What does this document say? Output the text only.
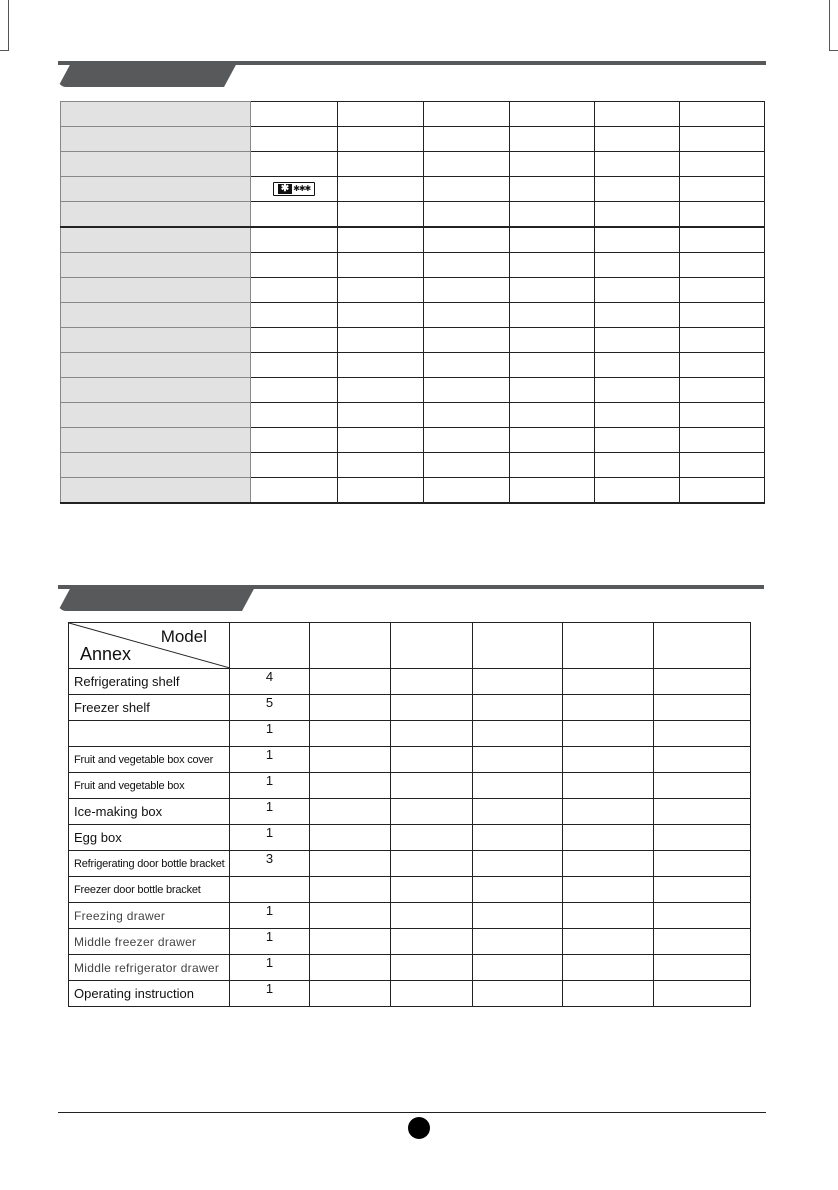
	✱ ✱✱✱					

Model
Annex						

Refrigerating shelf	4					
Freezer shelf	5					
	1					
Fruit and vegetable box cover	1					
Fruit and vegetable box	1					
Ice-making box	1					
Egg box	1					
Refrigerating door bottle bracket	3					
Freezer door bottle bracket						
Freezing drawer	1					
Middle freezer drawer	1					
Middle refrigerator drawer	1					
Operating instruction	1					
